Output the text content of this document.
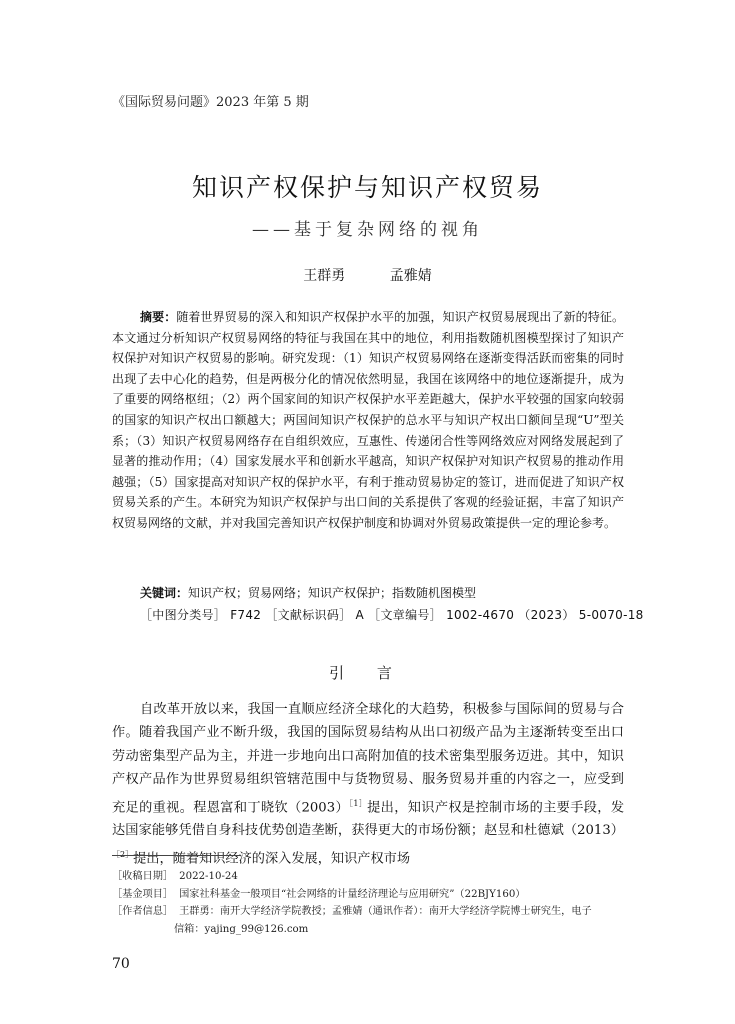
《国际贸易问题》2023 年第 5 期
知识产权保护与知识产权贸易
——基于复杂网络的视角
王群勇	孟雅婧
摘要：随着世界贸易的深入和知识产权保护水平的加强，知识产权贸易展现出了新的特征。本文通过分析知识产权贸易网络的特征与我国在其中的地位，利用指数随机图模型探讨了知识产权保护对知识产权贸易的影响。研究发现：（1）知识产权贸易网络在逐渐变得活跃而密集的同时出现了去中心化的趋势，但是两极分化的情况依然明显，我国在该网络中的地位逐渐提升，成为了重要的网络枢纽；（2）两个国家间的知识产权保护水平差距越大，保护水平较强的国家向较弱的国家的知识产权出口额越大；两国间知识产权保护的总水平与知识产权出口额间呈现“U”型关系；（3）知识产权贸易网络存在自组织效应，互惠性、传递闭合性等网络效应对网络发展起到了显著的推动作用；（4）国家发展水平和创新水平越高，知识产权保护对知识产权贸易的推动作用越强；（5）国家提高对知识产权的保护水平，有利于推动贸易协定的签订，进而促进了知识产权贸易关系的产生。本研究为知识产权保护与出口间的关系提供了客观的经验证据，丰富了知识产权贸易网络的文献，并对我国完善知识产权保护制度和协调对外贸易政策提供一定的理论参考。
关键词：知识产权；贸易网络；知识产权保护；指数随机图模型
［中图分类号］ F742 ［文献标识码］ A ［文章编号］ 1002-4670 （2023） 5-0070-18
引 言
自改革开放以来，我国一直顺应经济全球化的大趋势，积极参与国际间的贸易与合作。随着我国产业不断升级，我国的国际贸易结构从出口初级产品为主逐渐转变至出口劳动密集型产品为主，并进一步地向出口高附加值的技术密集型服务迈进。其中，知识产权产品作为世界贸易组织管辖范围中与货物贸易、服务贸易并重的内容之一，应受到充足的重视。程恩富和丁晓钦$(2003)^{[1]}$提出，知识产权是控制市场的主要手段，发达国家能够凭借自身科技优势创造垄断，获得更大的市场份额；赵昱和杜德斌$(2013)^{[2]}$提出，随着知识经济的深入发展，知识产权市场
［收稿日期］ 2022-10-24
［基金项目］ 国家社科基金一般项目“社会网络的计量经济理论与应用研究”（22BJY160）
［作者信息］ 王群勇：南开大学经济学院教授；孟雅婧（通讯作者）：南开大学经济学院博士研究生，电子
信箱：yajing_99@126.com
70
